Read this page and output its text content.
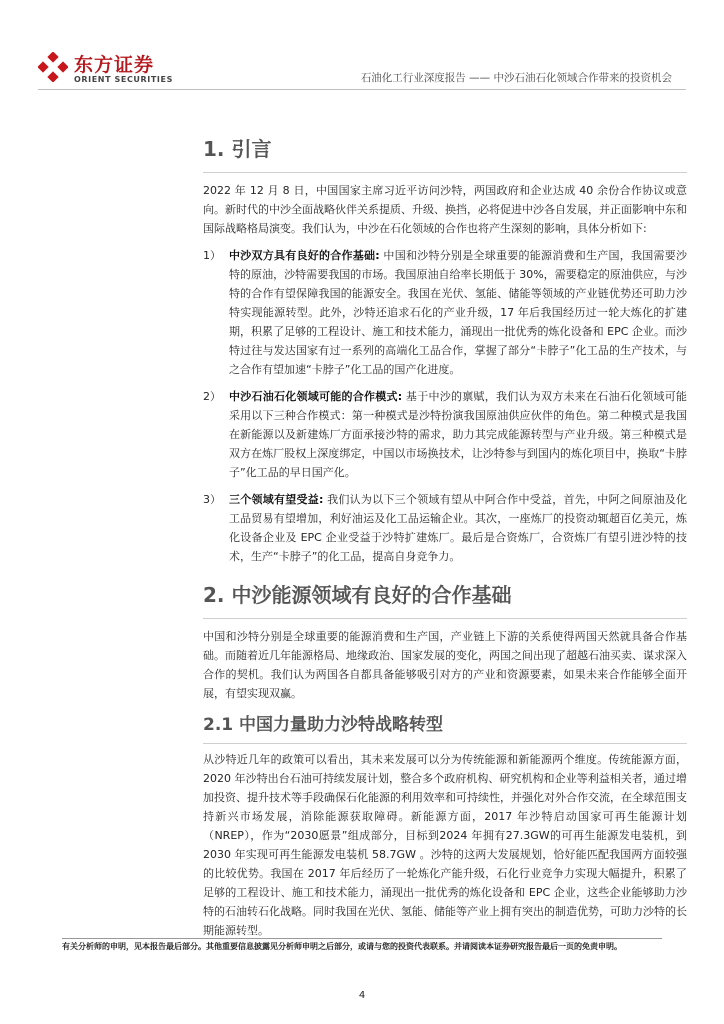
东方证券
ORIENT SECURITIES	石油化工行业深度报告 —— 中沙石油石化领域合作带来的投资机会
1. 引言

2022 年 12 月 8 日，中国国家主席习近平访问沙特，两国政府和企业达成 40 余份合作协议或意向。新时代的中沙全面战略伙伴关系提质、升级、换挡，必将促进中沙各自发展，并正面影响中东和国际战略格局演变。我们认为，中沙在石化领域的合作也将产生深刻的影响，具体分析如下:

1） 中沙双方具有良好的合作基础: 中国和沙特分别是全球重要的能源消费和生产国，我国需要沙特的原油，沙特需要我国的市场。我国原油自给率长期低于 30%，需要稳定的原油供应，与沙特的合作有望保障我国的能源安全。我国在光伏、氢能、储能等领域的产业链优势还可助力沙特实现能源转型。此外，沙特还追求石化的产业升级，17 年后我国经历过一轮大炼化的扩建期，积累了足够的工程设计、施工和技术能力，涌现出一批优秀的炼化设备和 EPC 企业。而沙特过往与发达国家有过一系列的高端化工品合作，掌握了部分“卡脖子”化工品的生产技术，与之合作有望加速“卡脖子”化工品的国产化进度。
2） 中沙石油石化领域可能的合作模式: 基于中沙的禀赋，我们认为双方未来在石油石化领域可能采用以下三种合作模式：第一种模式是沙特扮演我国原油供应伙伴的角色。第二种模式是我国在新能源以及新建炼厂方面承接沙特的需求，助力其完成能源转型与产业升级。第三种模式是双方在炼厂股权上深度绑定，中国以市场换技术，让沙特参与到国内的炼化项目中，换取“卡脖子”化工品的早日国产化。
3） 三个领域有望受益: 我们认为以下三个领域有望从中阿合作中受益，首先，中阿之间原油及化工品贸易有望增加，利好油运及化工品运输企业。其次，一座炼厂的投资动辄超百亿美元，炼化设备企业及 EPC 企业受益于沙特扩建炼厂。最后是合资炼厂，合资炼厂有望引进沙特的技术，生产“卡脖子”的化工品，提高自身竞争力。
2. 中沙能源领域有良好的合作基础

中国和沙特分别是全球重要的能源消费和生产国，产业链上下游的关系使得两国天然就具备合作基础。而随着近几年能源格局、地缘政治、国家发展的变化，两国之间出现了超越石油买卖、谋求深入合作的契机。我们认为两国各自都具备能够吸引对方的产业和资源要素，如果未来合作能够全面开展，有望实现双赢。

2.1 中国力量助力沙特战略转型

从沙特近几年的政策可以看出，其未来发展可以分为传统能源和新能源两个维度。传统能源方面，2020 年沙特出台石油可持续发展计划，整合多个政府机构、研究机构和企业等利益相关者，通过增加投资、提升技术等手段确保石化能源的利用效率和可持续性，并强化对外合作交流，在全球范围支持新兴市场发展，消除能源获取障碍。新能源方面，2017 年沙特启动国家可再生能源计划（NREP），作为“2030愿景”组成部分，目标到2024 年拥有27.3GW的可再生能源发电装机，到 2030 年实现可再生能源发电装机 58.7GW 。沙特的这两大发展规划，恰好能匹配我国两方面较强的比较优势。我国在 2017 年后经历了一轮炼化产能升级，石化行业竞争力实现大幅提升，积累了足够的工程设计、施工和技术能力，涌现出一批优秀的炼化设备和 EPC 企业，这些企业能够助力沙特的石油转石化战略。同时我国在光伏、氢能、储能等产业上拥有突出的制造优势，可助力沙特的长期能源转型。

有关分析师的申明，见本报告最后部分。其他重要信息披露见分析师申明之后部分，或请与您的投资代表联系。并请阅读本证券研究报告最后一页的免责申明。
4
